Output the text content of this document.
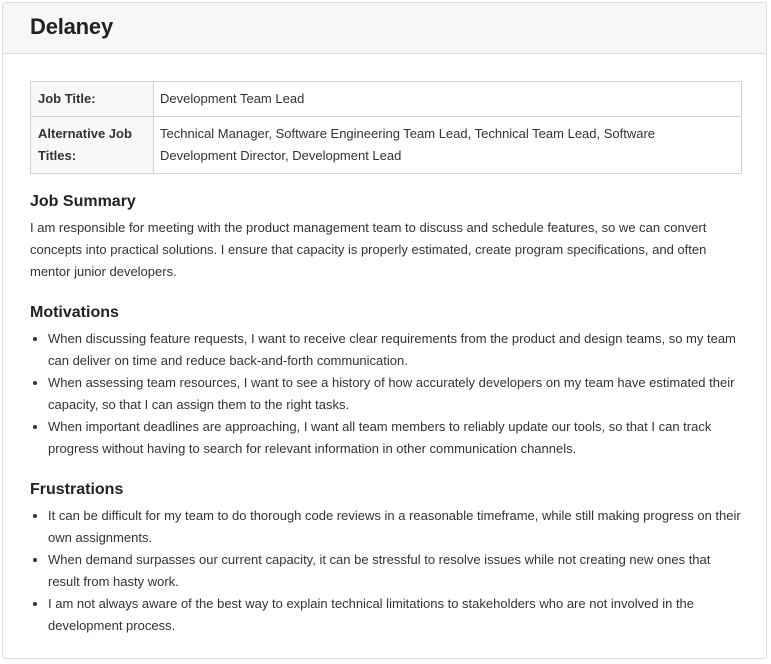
Delaney
Job Title:	Development Team Lead
Alternative Job Titles:	Technical Manager, Software Engineering Team Lead, Technical Team Lead, Software Development Director, Development Lead
Job Summary

I am responsible for meeting with the product management team to discuss and schedule features, so we can convert concepts into practical solutions. I ensure that capacity is properly estimated, create program specifications, and often mentor junior developers.

Motivations
• When discussing feature requests, I want to receive clear requirements from the product and design teams, so my team can deliver on time and reduce back-and-forth communication.
• When assessing team resources, I want to see a history of how accurately developers on my team have estimated their capacity, so that I can assign them to the right tasks.
• When important deadlines are approaching, I want all team members to reliably update our tools, so that I can track progress without having to search for relevant information in other communication channels.
Frustrations
• It can be difficult for my team to do thorough code reviews in a reasonable timeframe, while still making progress on their own assignments.
• When demand surpasses our current capacity, it can be stressful to resolve issues while not creating new ones that result from hasty work.
• I am not always aware of the best way to explain technical limitations to stakeholders who are not involved in the development process.
